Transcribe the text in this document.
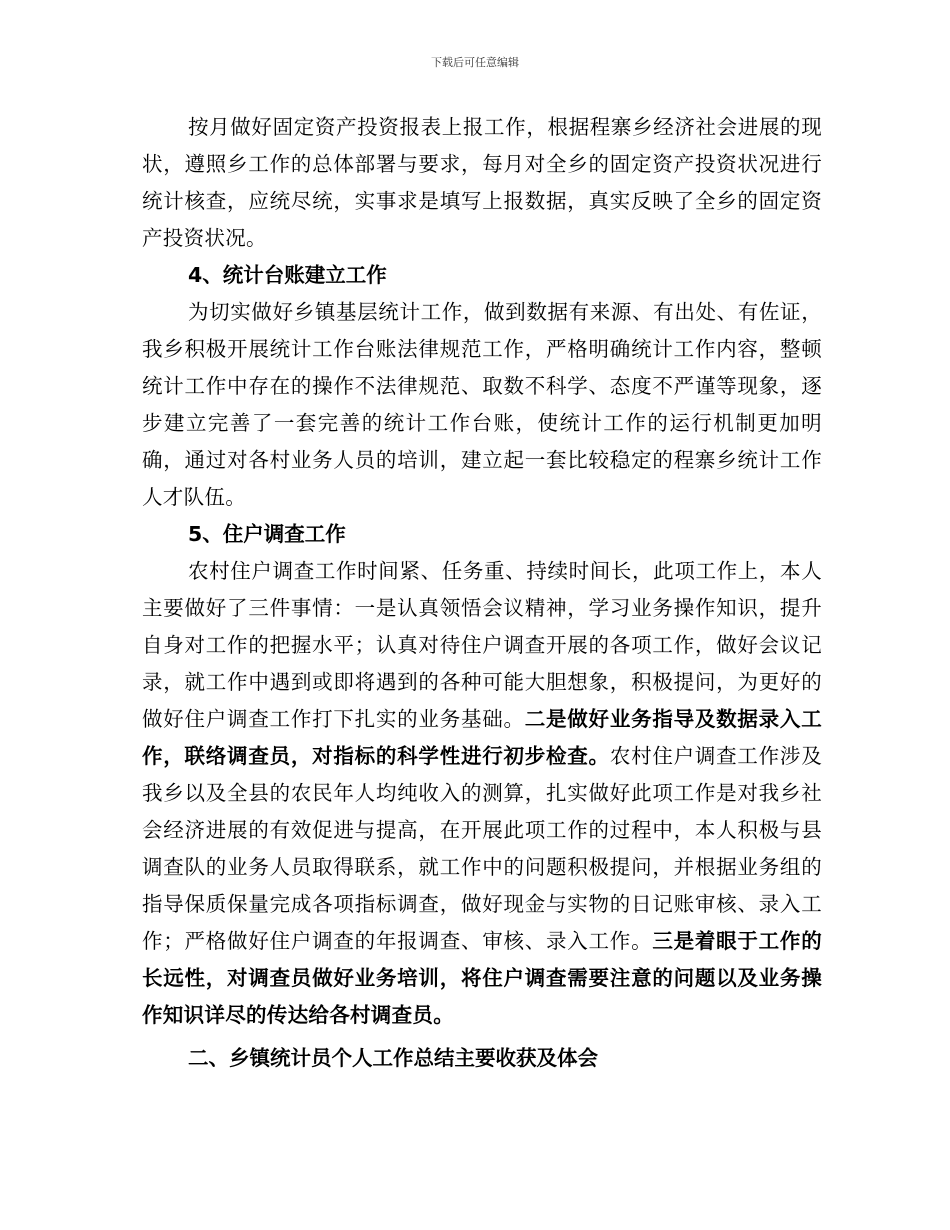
下载后可任意编辑

按月做好固定资产投资报表上报工作，根据程寨乡经济社会进展的现状，遵照乡工作的总体部署与要求，每月对全乡的固定资产投资状况进行统计核查，应统尽统，实事求是填写上报数据，真实反映了全乡的固定资产投资状况。

4、统计台账建立工作

为切实做好乡镇基层统计工作，做到数据有来源、有出处、有佐证，我乡积极开展统计工作台账法律规范工作，严格明确统计工作内容，整顿统计工作中存在的操作不法律规范、取数不科学、态度不严谨等现象，逐步建立完善了一套完善的统计工作台账，使统计工作的运行机制更加明确，通过对各村业务人员的培训，建立起一套比较稳定的程寨乡统计工作人才队伍。

5、住户调查工作

农村住户调查工作时间紧、任务重、持续时间长，此项工作上，本人主要做好了三件事情：一是认真领悟会议精神，学习业务操作知识，提升自身对工作的把握水平；认真对待住户调查开展的各项工作，做好会议记录，就工作中遇到或即将遇到的各种可能大胆想象，积极提问，为更好的做好住户调查工作打下扎实的业务基础。二是做好业务指导及数据录入工作，联络调查员，对指标的科学性进行初步检查。农村住户调查工作涉及我乡以及全县的农民年人均纯收入的测算，扎实做好此项工作是对我乡社会经济进展的有效促进与提高，在开展此项工作的过程中，本人积极与县调查队的业务人员取得联系，就工作中的问题积极提问，并根据业务组的指导保质保量完成各项指标调查，做好现金与实物的日记账审核、录入工作；严格做好住户调查的年报调查、审核、录入工作。三是着眼于工作的长远性，对调查员做好业务培训，将住户调查需要注意的问题以及业务操作知识详尽的传达给各村调查员。

二、乡镇统计员个人工作总结主要收获及体会
